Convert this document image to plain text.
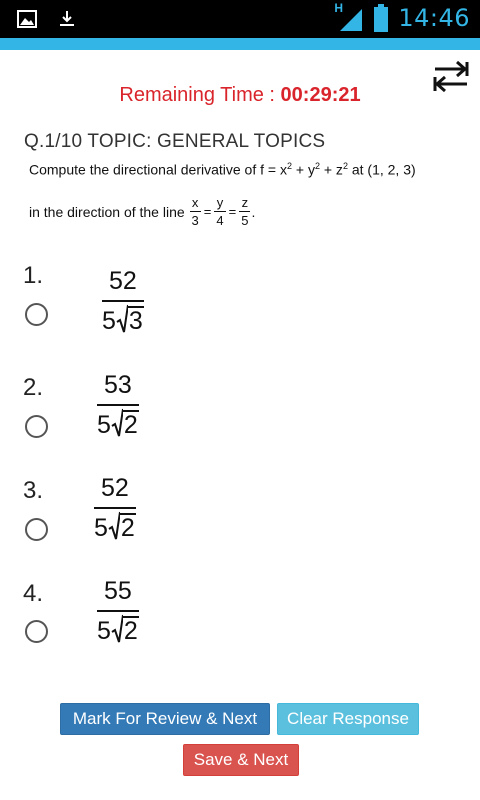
H 14:46
Remaining Time : 00:29:21
Q.1/10 TOPIC: GENERAL TOPICS
Compute the directional derivative of $f = x^2 + y^2 + z^2$ at (1, 2, 3)
in the direction of the line $\frac{x}{3} = \frac{y}{4} = \frac{z}{5}$ .
1. $\frac{52}{5 3}$
2. $\frac{53}{5 2}$
3. $\frac{52}{5 2}$
4. $\frac{55}{5 2}$
Mark For Review & Next	Clear Response
Save & Next
